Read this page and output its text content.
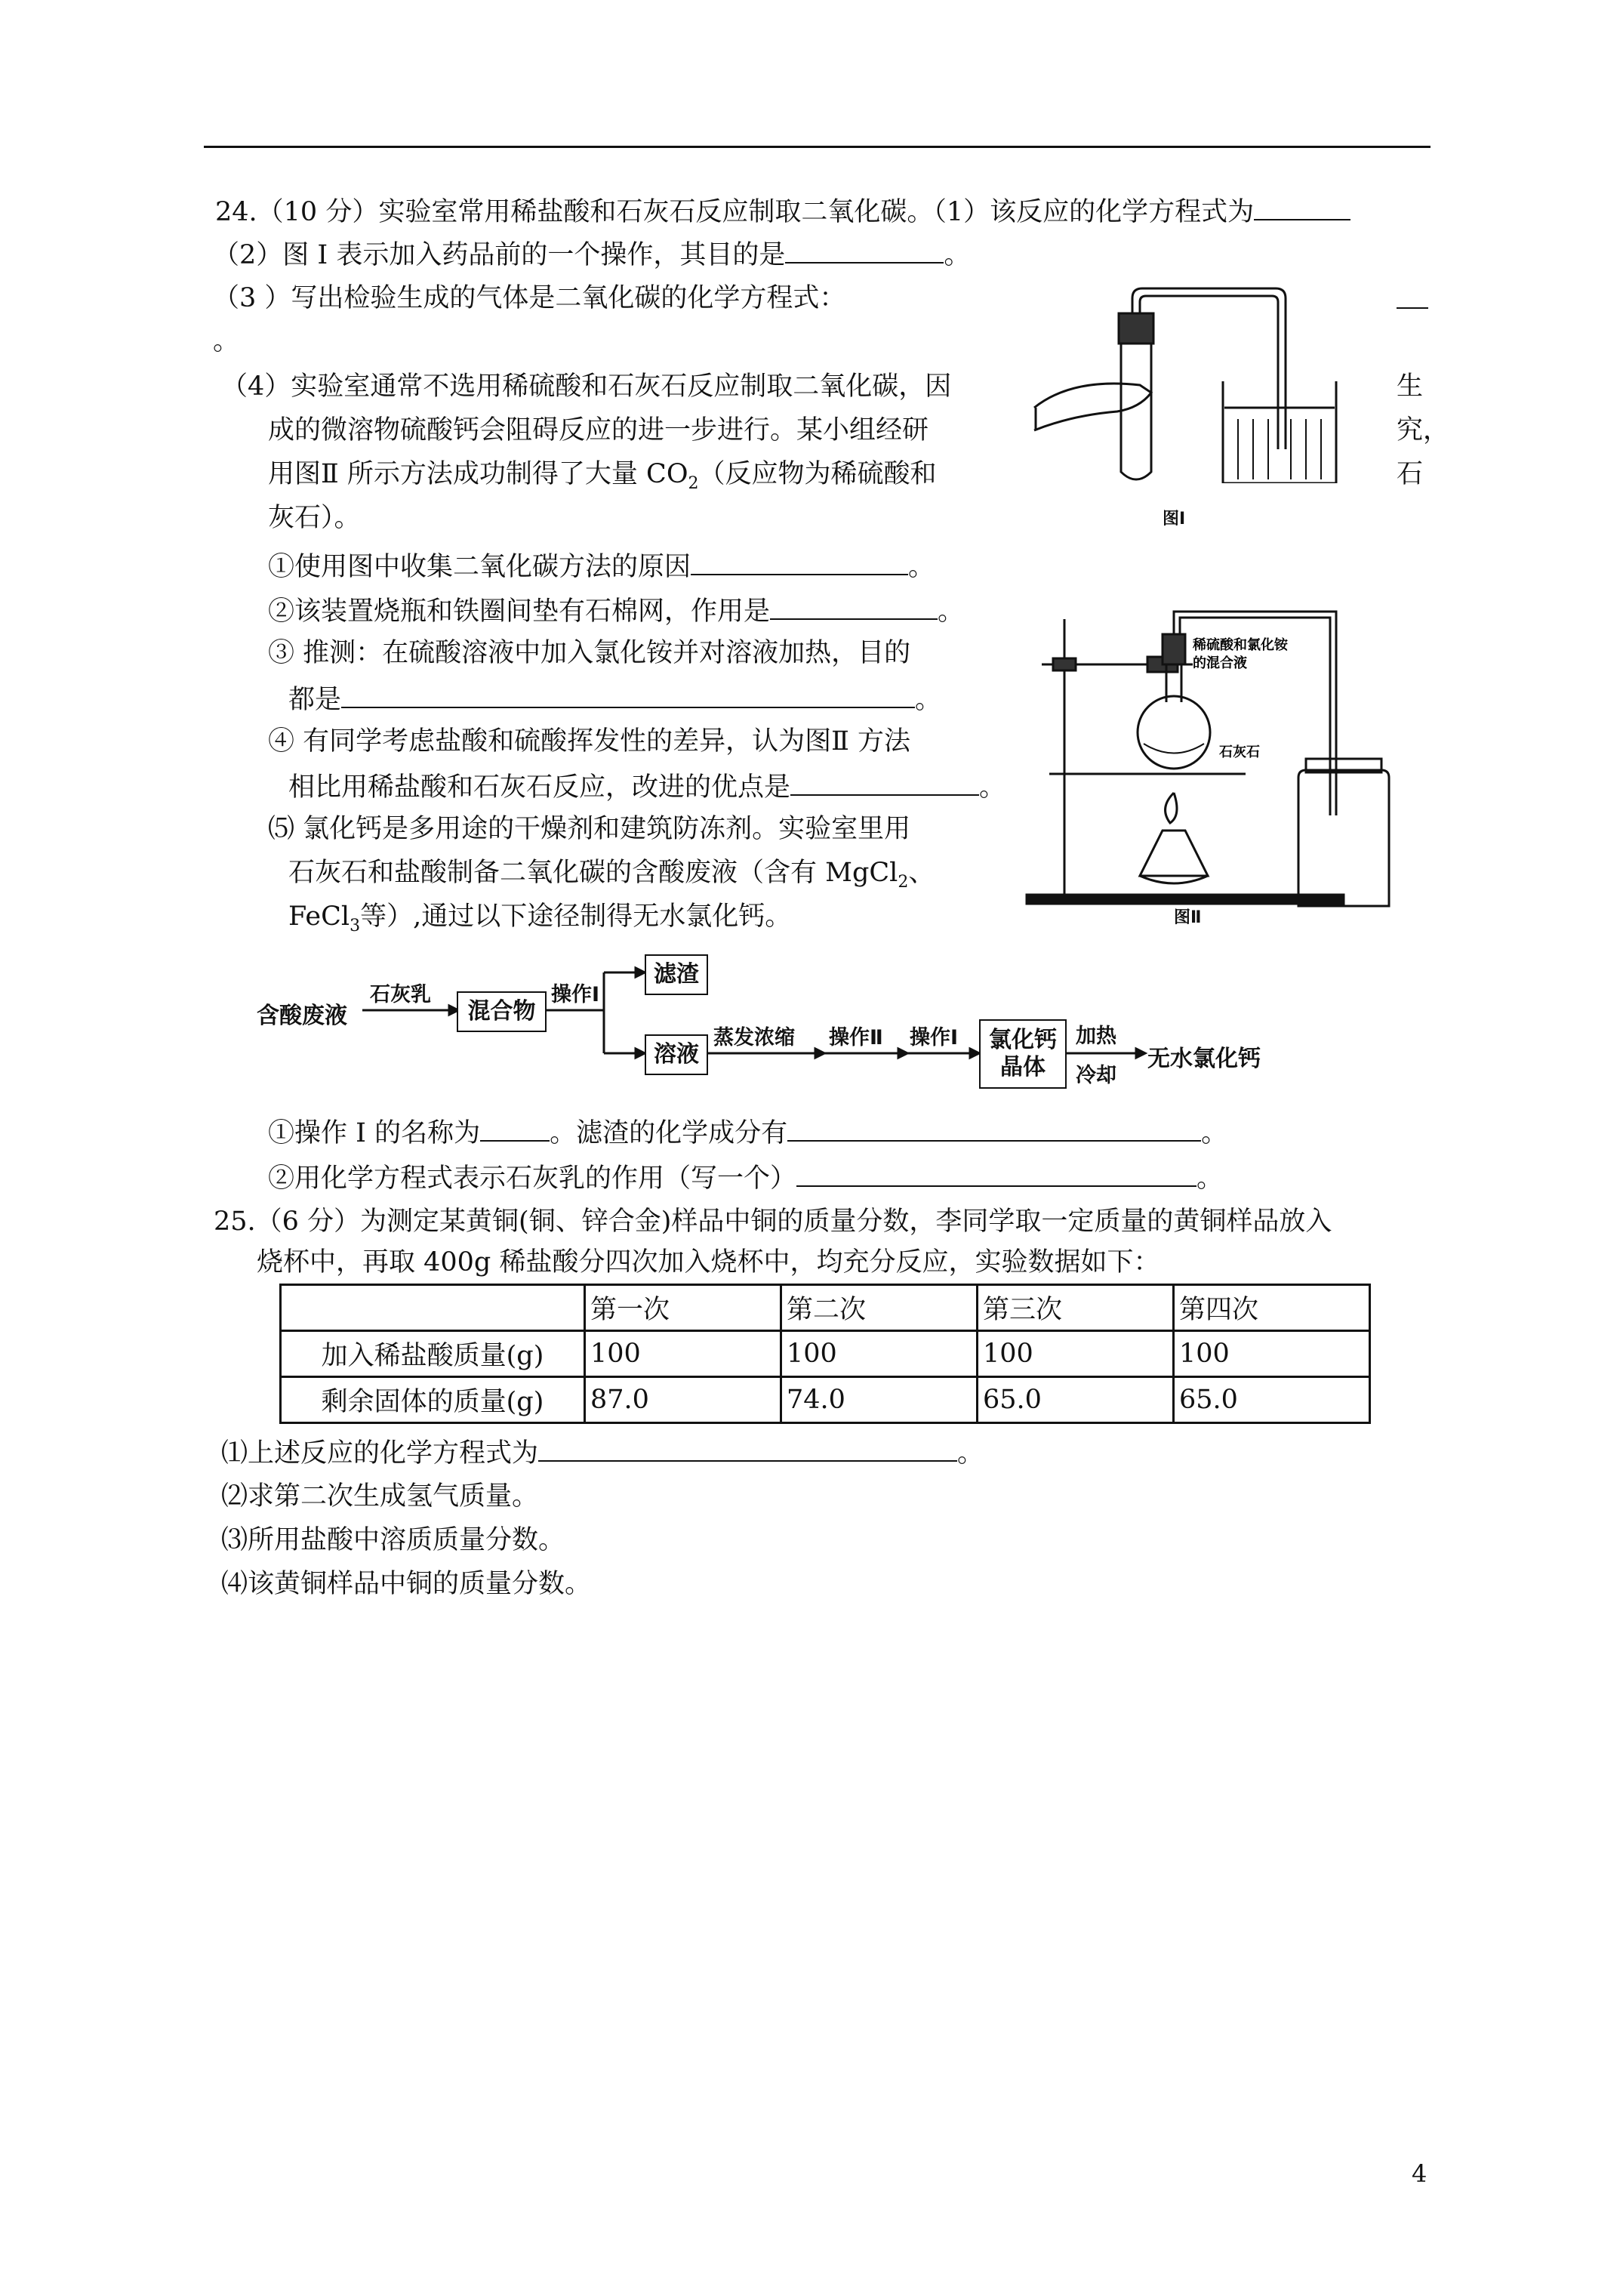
24.（10 分）实验室常用稀盐酸和石灰石反应制取二氧化碳。（1）该反应的化学方程式为
（2）图 I 表示加入药品前的一个操作，其目的是	。
（3 ）写出检验生成的气体是二氧化碳的化学方程式：
。
（4）实验室通常不选用稀硫酸和石灰石反应制取二氧化碳，因	生
成的微溶物硫酸钙会阻碍反应的进一步进行。某小组经研	究，
用图Ⅱ 所示方法成功制得了大量 $CO_2$（反应物为稀硫酸和	石
灰石）。
①使用图中收集二氧化碳方法的原因	。
②该装置烧瓶和铁圈间垫有石棉网，作用是	。
③ 推测：在硫酸溶液中加入氯化铵并对溶液加热，目的
都是	。
④ 有同学考虑盐酸和硫酸挥发性的差异，认为图Ⅱ 方法
相比用稀盐酸和石灰石反应，改进的优点是	。
⑸ 氯化钙是多用途的干燥剂和建筑防冻剂。实验室里用
石灰石和盐酸制备二氧化碳的含酸废液（含有 MgCl$_2$、
FeCl$_3$等）,通过以下途径制得无水氯化钙。
图Ⅰ
稀硫酸和氯化铵
的混合液
石灰石
图Ⅱ
含酸废液
石灰乳
混合物
操作Ⅰ
滤渣
溶液
蒸发浓缩 操作Ⅱ 操作Ⅰ 氯化钙
晶体
加热
冷却
无水氯化钙
①操作 I 的名称为	。滤渣的化学成分有	。
②用化学方程式表示石灰乳的作用（写一个）	。
25.（6 分）为测定某黄铜(铜、锌合金)样品中铜的质量分数，李同学取一定质量的黄铜样品放入
烧杯中，再取 400g 稀盐酸分四次加入烧杯中，均充分反应，实验数据如下：
	第一次	第二次	第三次	第四次
加入稀盐酸质量(g)	100	100	100	100
剩余固体的质量(g)	87.0	74.0	65.0	65.0
⑴上述反应的化学方程式为	。
⑵求第二次生成氢气质量。
⑶所用盐酸中溶质质量分数。
⑷该黄铜样品中铜的质量分数。
4
